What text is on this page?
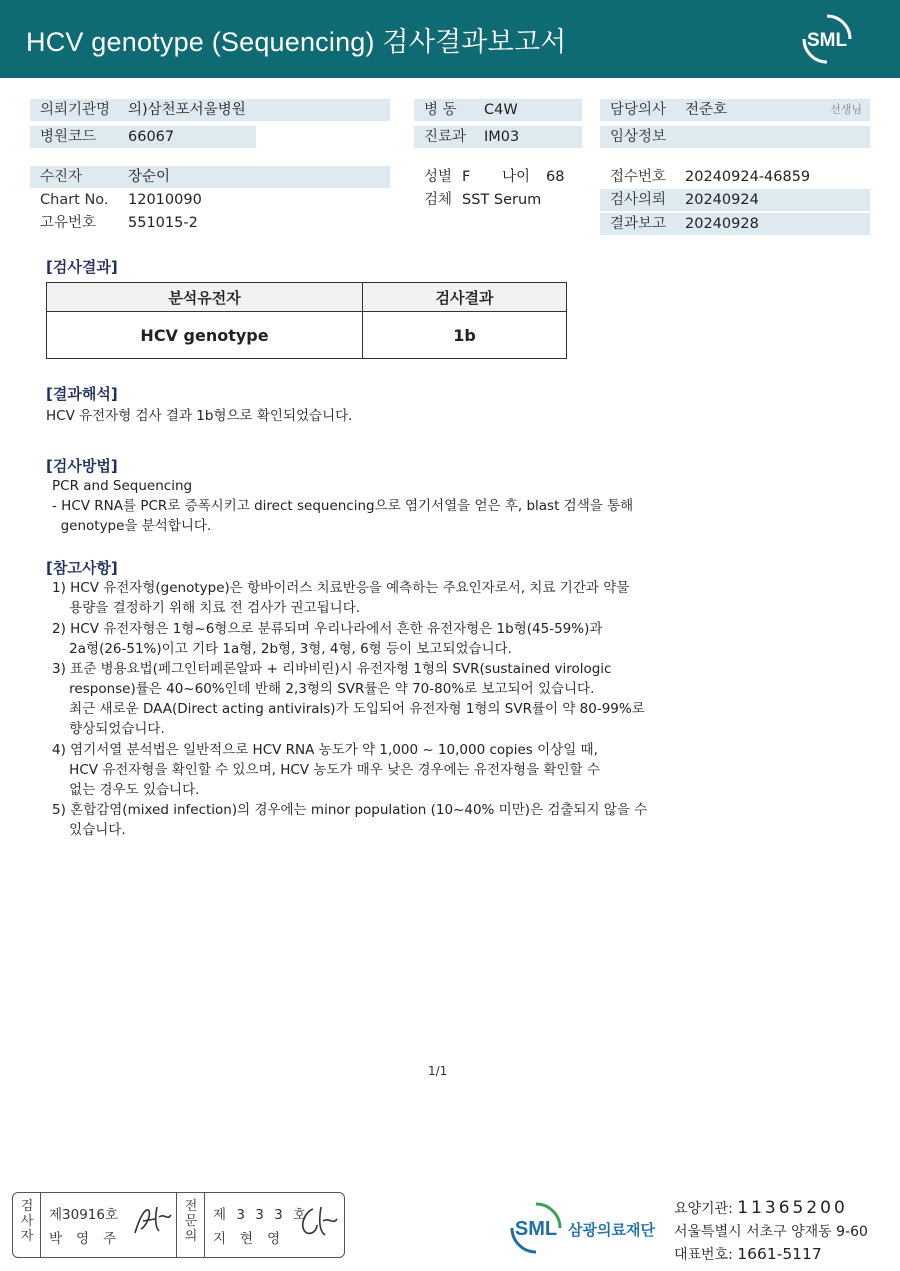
HCV genotype (Sequencing) 검사결과보고서	SML
의뢰기관명 의)삼천포서울병원
병원코드 66067
병 동 C4W
진료과 IM03
담당의사 전준호	선생님
임상정보
수진자	장순이
Chart No. 12010090
고유번호 551015-2
성별 F 나이 68
검체 SST Serum
접수번호 20240924-46859
검사의뢰 20240924
결과보고 20240928
[검사결과]
분석유전자	검사결과
HCV genotype	1b
[결과해석]
HCV 유전자형 검사 결과 1b형으로 확인되었습니다.
[검사방법]
PCR and Sequencing
- HCV RNA를 PCR로 증폭시키고 direct sequencing으로 염기서열을 얻은 후, blast 검색을 통해
genotype을 분석합니다.
[참고사항]
1) HCV 유전자형(genotype)은 항바이러스 치료반응을 예측하는 주요인자로서, 치료 기간과 약물
용량을 결정하기 위해 치료 전 검사가 권고됩니다.
2) HCV 유전자형은 1형~6형으로 분류되며 우리나라에서 흔한 유전자형은 1b형(45-59%)과
2a형(26-51%)이고 기타 1a형, 2b형, 3형, 4형, 6형 등이 보고되었습니다.
3) 표준 병용요법(페그인터페론알파 + 리바비린)시 유전자형 1형의 SVR(sustained virologic
response)률은 40~60%인데 반해 2,3형의 SVR률은 약 70-80%로 보고되어 있습니다.
최근 새로운 DAA(Direct acting antivirals)가 도입되어 유전자형 1형의 SVR률이 약 80-99%로
향상되었습니다.
4) 염기서열 분석법은 일반적으로 HCV RNA 농도가 약 1,000 ~ 10,000 copies 이상일 때,
HCV 유전자형을 확인할 수 있으며, HCV 농도가 매우 낮은 경우에는 유전자형을 확인할 수
없는 경우도 있습니다.
5) 혼합감염(mixed infection)의 경우에는 minor population (10~40% 미만)은 검출되지 않을 수
있습니다.
1/1
검
사
자
제30916호
박영주
전
문
의
제 3 3 3 호
지현영	SML 삼광의료재단
요양기관: 11365200
서울특별시 서초구 양재동 9-60
대표번호: 1661-5117
